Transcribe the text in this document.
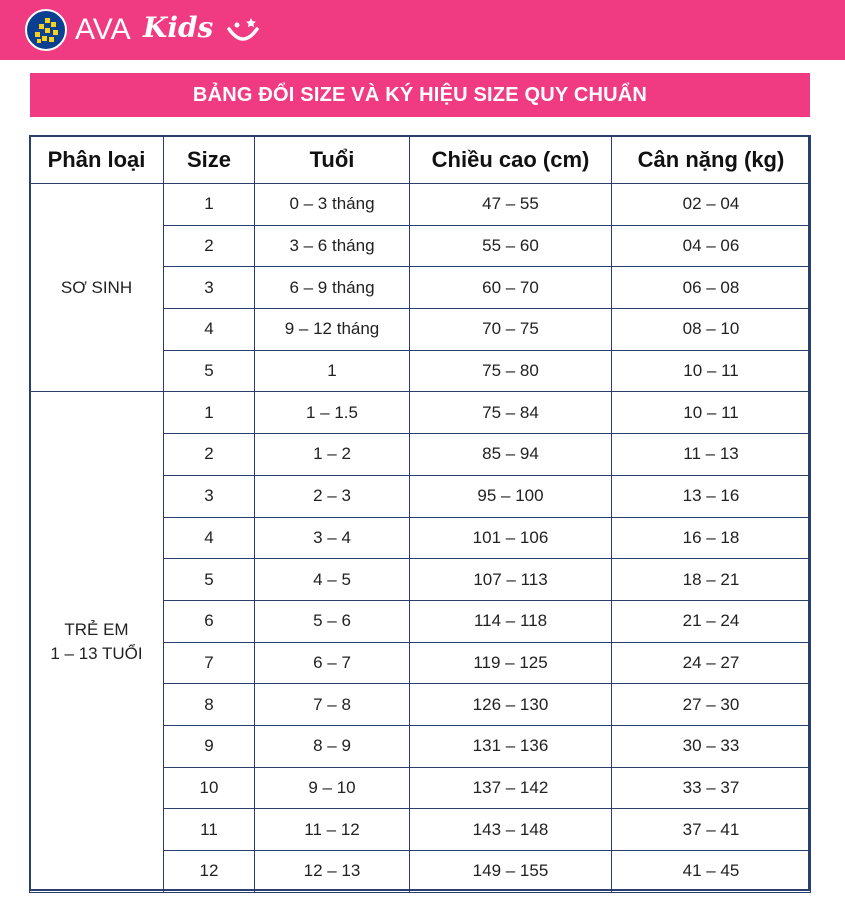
AVA Kids
BẢNG ĐỔI SIZE VÀ KÝ HIỆU SIZE QUY CHUẨN
Phân loại	Size	Tuổi	Chiều cao (cm)	Cân nặng (kg)

SƠ SINH	1	0 – 3 tháng	47 – 55	02 – 04
	2	3 – 6 tháng	55 – 60	04 – 06
	3	6 – 9 tháng	60 – 70	06 – 08
	4	9 – 12 tháng	70 – 75	08 – 10
	5	1	75 – 80	10 – 11

TRẺ EM
1 – 13 TUỔI	1	1 – 1.5	75 – 84	10 – 11
	2	1 – 2	85 – 94	11 – 13
	3	2 – 3	95 – 100	13 – 16
	4	3 – 4	101 – 106	16 – 18
	5	4 – 5	107 – 113	18 – 21
	6	5 – 6	114 – 118	21 – 24
	7	6 – 7	119 – 125	24 – 27
	8	7 – 8	126 – 130	27 – 30
	9	8 – 9	131 – 136	30 – 33
	10	9 – 10	137 – 142	33 – 37
	11	11 – 12	143 – 148	37 – 41
	12	12 – 13	149 – 155	41 – 45
